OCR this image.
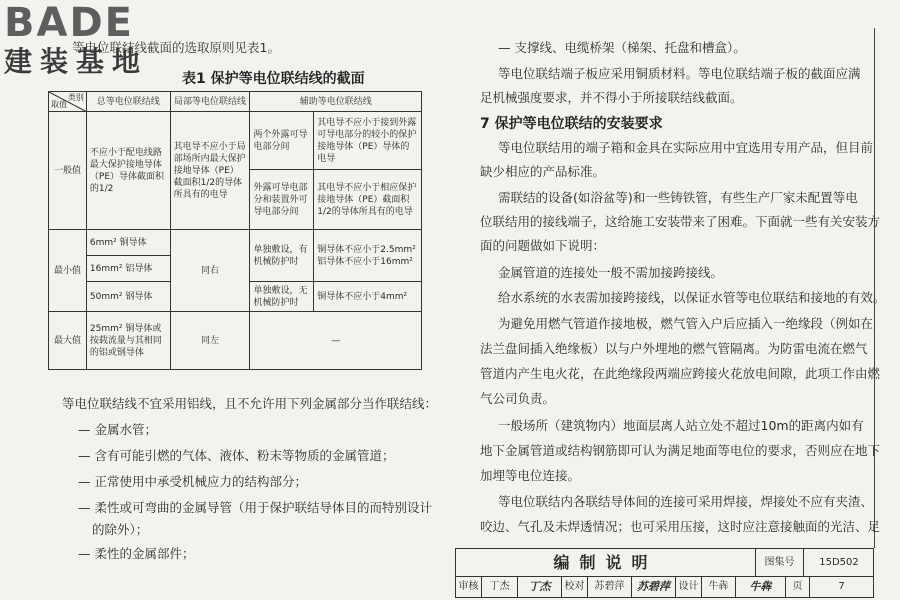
BADE
建装基地
等电位联结线截面的选取原则见表1。
表1 保护等电位联结线的截面
类别
取值	总等电位联结线	局部等电位联结线	辅助等电位联结线	
一般值	不应小于配电线路最大保护接地导体（PE）导体截面积的1/2	其电导不应小于局部场所内最大保护接地导体（PE）截面积1/2的导体所具有的电导	两个外露可导电部分间	其电导不应小于接到外露可导电部分的较小的保护接地导体（PE）导体的电导
			外露可导电部分和装置外可导电部分间	其电导不应小于相应保护接地导体（PE）截面积1/2的导体所具有的电导
最小值	6mm² 铜导体	同右	单独敷设，有机械防护时	铜导体不应小于2.5mm² 铝导体不应小于16mm²
	16mm² 铝导体			
	50mm² 钢导体		单独敷设，无机械防护时	铜导体不应小于4mm²
最大值	25mm² 铜导体或按载流量与其相同的铝或钢导体	同左	—	
等电位联结线不宜采用铝线，且不允许用下列金属部分当作联结线：
— 金属水管；
— 含有可能引燃的气体、液体、粉末等物质的金属管道；
— 正常使用中承受机械应力的结构部分；
— 柔性或可弯曲的金属导管（用于保护联结导体目的而特别设计
的除外）；
— 柔性的金属部件；
— 支撑线、电缆桥架（梯架、托盘和槽盒）。
等电位联结端子板应采用铜质材料。等电位联结端子板的截面应满
足机械强度要求，并不得小于所接联结线截面。
7 保护等电位联结的安装要求
等电位联结用的端子箱和金具在实际应用中宜选用专用产品，但目前
缺少相应的产品标准。
需联结的设备(如浴盆等)和一些铸铁管，有些生产厂家未配置等电
位联结用的接线端子，这给施工安装带来了困难。下面就一些有关安装方
面的问题做如下说明：
金属管道的连接处一般不需加接跨接线。
给水系统的水表需加接跨接线，以保证水管等电位联结和接地的有效。
为避免用燃气管道作接地极，燃气管入户后应插入一绝缘段（例如在
法兰盘间插入绝缘板）以与户外埋地的燃气管隔离。为防雷电流在燃气
管道内产生电火花，在此绝缘段两端应跨接火花放电间隙，此项工作由燃
气公司负责。
一般场所（建筑物内）地面层离人站立处不超过10m的距离内如有
地下金属管道或结构钢筋即可认为满足地面等电位的要求，否则应在地下
加埋等电位连接。
等电位联结内各联结导体间的连接可采用焊接，焊接处不应有夹渣、
咬边、气孔及未焊透情况；也可采用压接，这时应注意接触面的光洁、足
编制说明	图集号	15D502
审核	丁杰	丁杰	校对	苏碧萍	苏碧萍 设计	牛犇	牛犇	页	7
